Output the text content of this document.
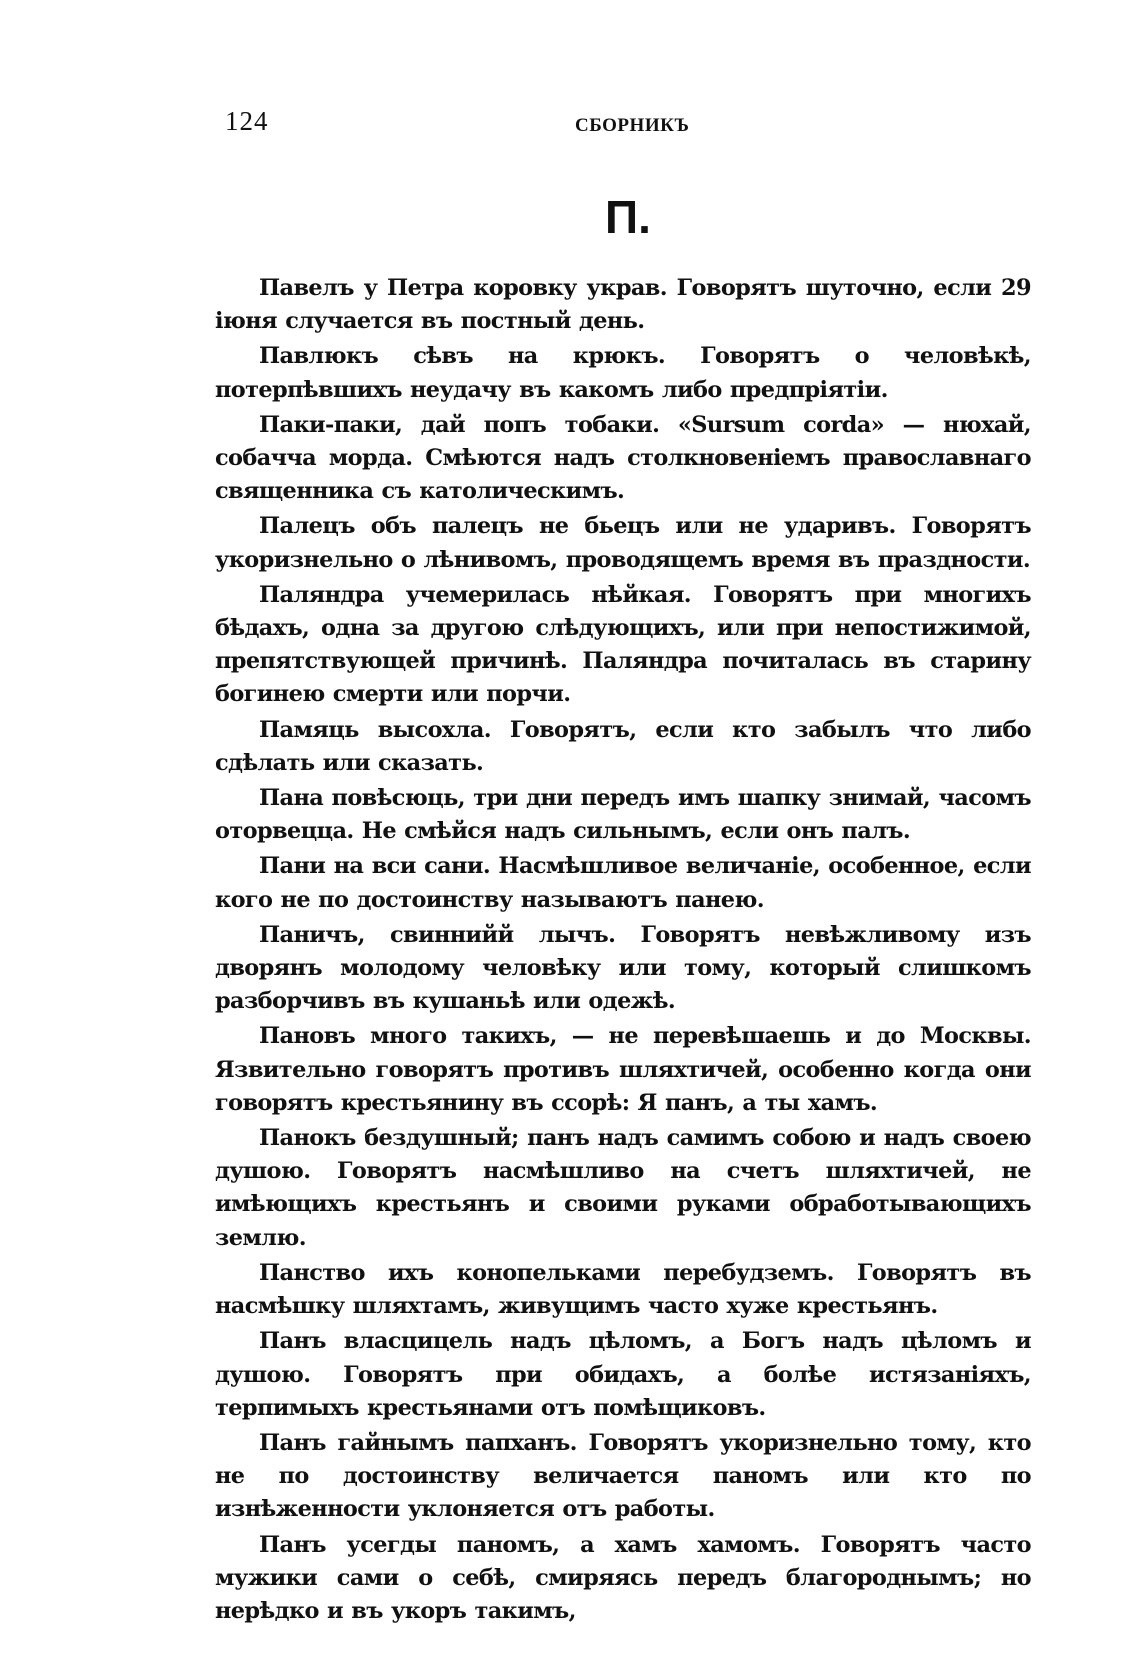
124	СБОРНИКЪ
П.

Павелъ у Петра коровку украв. Говорятъ шуточно, если 29 іюня случается въ постный день.

Павлюкъ сѣвъ на крюкъ. Говорятъ о человѣкѣ, потерпѣвшихъ неудачу въ какомъ либо предпріятіи.

Паки-паки, дай попъ тобаки. «Sursum corda» — нюхай, собачча морда. Смѣются надъ столкновеніемъ православнаго священника съ католическимъ.

Палецъ объ палецъ не бьецъ или не ударивъ. Говорятъ укоризнельно о лѣнивомъ, проводящемъ время въ праздности.

Паляндра учемерилась нѣйкая. Говорятъ при многихъ бѣдахъ, одна за другою слѣдующихъ, или при непостижимой, препятствующей причинѣ. Паляндра почиталась въ старину богинею смерти или порчи.

Памяць высохла. Говорятъ, если кто забылъ что либо сдѣлать или сказать.

Пана повѣсюць, три дни передъ имъ шапку знимай, часомъ оторвецца. Не смѣйся надъ сильнымъ, если онъ палъ.

Пани на вси сани. Насмѣшливое величаніе, особенное, если кого не по достоинству называютъ панею.

Паничъ, свиннийй лычъ. Говорятъ невѣжливому изъ дворянъ молодому человѣку или тому, который слишкомъ разборчивъ въ кушаньѣ или одежѣ.

Пановъ много такихъ, — не перевѣшаешь и до Москвы. Язвительно говорятъ противъ шляхтичей, особенно когда они говорятъ крестьянину въ ссорѣ: Я панъ, а ты хамъ.

Панокъ бездушный; панъ надъ самимъ собою и надъ своею душою. Говорятъ насмѣшливо на счетъ шляхтичей, не имѣющихъ крестьянъ и своими руками обработывающихъ землю.

Панство ихъ конопельками перебудземъ. Говорятъ въ насмѣшку шляхтамъ, живущимъ часто хуже крестьянъ.

Панъ власцицель надъ цѣломъ, а Богъ надъ цѣломъ и душою. Говорятъ при обидахъ, а болѣе истязаніяхъ, терпимыхъ крестьянами отъ помѣщиковъ.

Панъ гайнымъ папханъ. Говорятъ укоризнельно тому, кто не по достоинству величается паномъ или кто по изнѣженности уклоняется отъ работы.

Панъ усегды паномъ, а хамъ хамомъ. Говорятъ часто мужики сами о себѣ, смиряясь передъ благороднымъ; но нерѣдко и въ укоръ такимъ,
